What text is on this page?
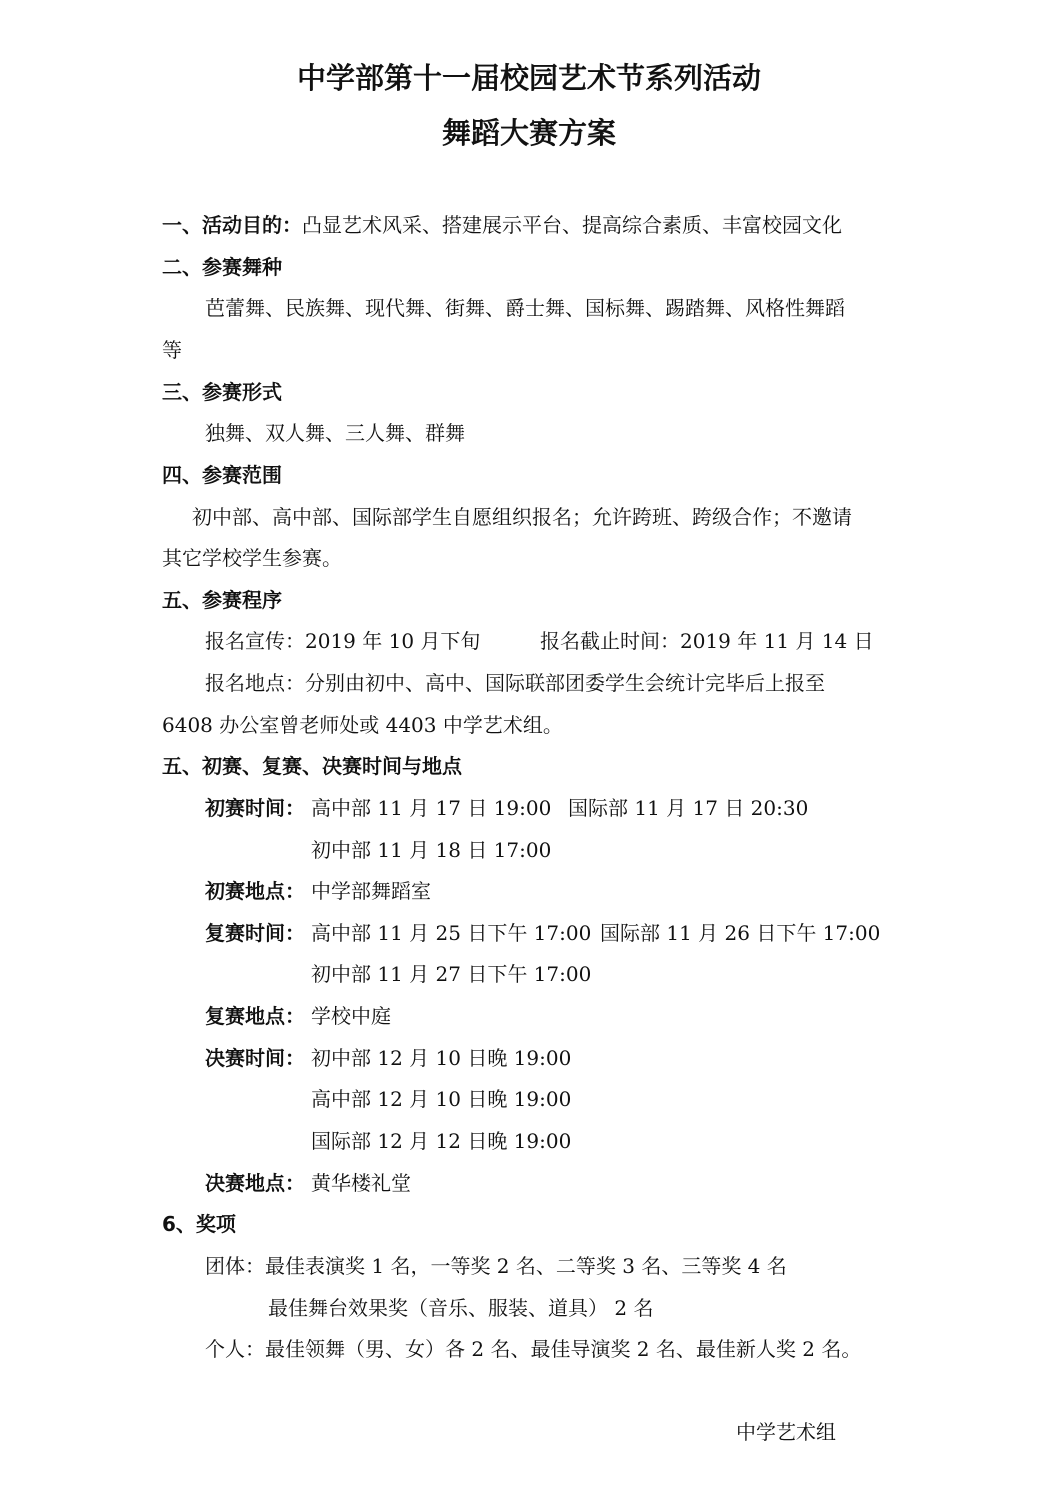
中学部第十一届校园艺术节系列活动
舞蹈大赛方案
一、活动目的：凸显艺术风采、搭建展示平台、提高综合素质、丰富校园文化
二、参赛舞种
芭蕾舞、民族舞、现代舞、街舞、爵士舞、国标舞、踢踏舞、风格性舞蹈
等
三、参赛形式
独舞、双人舞、三人舞、群舞
四、参赛范围
初中部、高中部、国际部学生自愿组织报名；允许跨班、跨级合作；不邀请
其它学校学生参赛。
五、参赛程序
报名宣传：2019 年 10 月下旬	报名截止时间：2019 年 11 月 14 日
报名地点：分别由初中、高中、国际联部团委学生会统计完毕后上报至
6408 办公室曾老师处或 4403 中学艺术组。
五、初赛、复赛、决赛时间与地点
初赛时间： 高中部 11 月 17 日 19:00 国际部 11 月 17 日 20:30
初中部 11 月 18 日 17:00
初赛地点： 中学部舞蹈室
复赛时间： 高中部 11 月 25 日下午 17:00 国际部 11 月 26 日下午 17:00
初中部 11 月 27 日下午 17:00
复赛地点： 学校中庭
决赛时间： 初中部 12 月 10 日晚 19:00
高中部 12 月 10 日晚 19:00
国际部 12 月 12 日晚 19:00
决赛地点： 黄华楼礼堂
6、奖项
团体：最佳表演奖 1 名，一等奖 2 名、二等奖 3 名、三等奖 4 名
最佳舞台效果奖（音乐、服装、道具） 2 名
个人：最佳领舞（男、女）各 2 名、最佳导演奖 2 名、最佳新人奖 2 名。
中学艺术组
